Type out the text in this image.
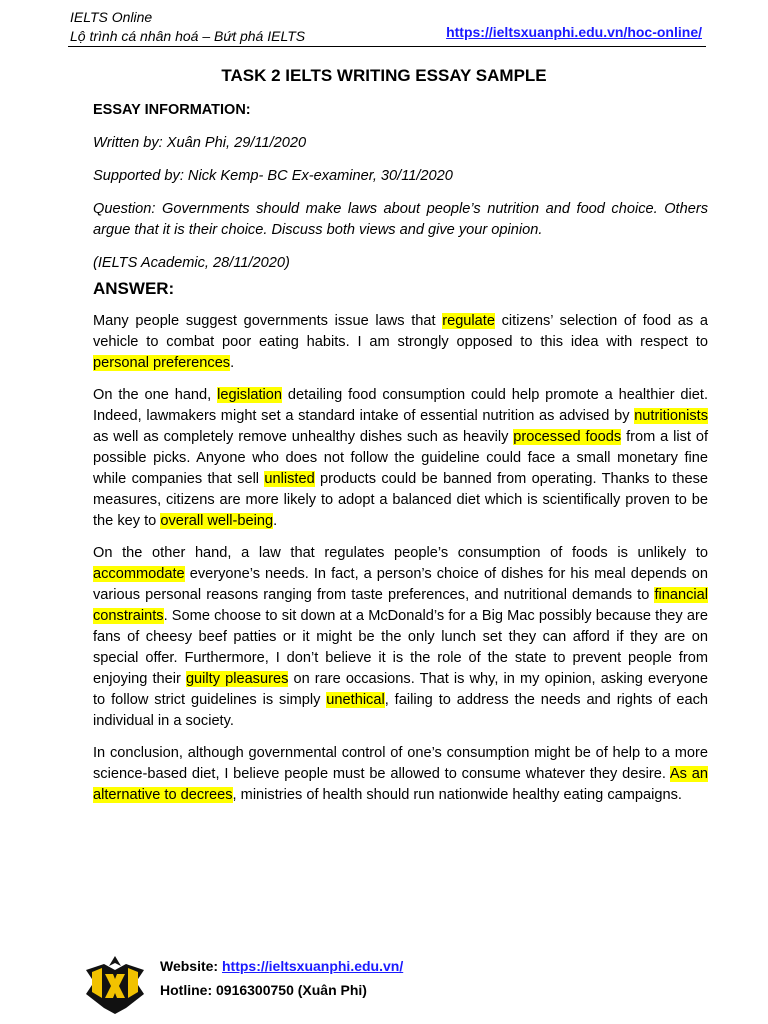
IELTS Online
Lộ trình cá nhân hoá – Bứt phá IELTS	https://ieltsxuanphi.edu.vn/hoc-online/
TASK 2 IELTS WRITING ESSAY SAMPLE
ESSAY INFORMATION:
Written by: Xuân Phi, 29/11/2020
Supported by: Nick Kemp- BC Ex-examiner, 30/11/2020
Question: Governments should make laws about people’s nutrition and food choice. Others argue that it is their choice. Discuss both views and give your opinion.
(IELTS Academic, 28/11/2020)
ANSWER:

Many people suggest governments issue laws that regulate citizens’ selection of food as a vehicle to combat poor eating habits. I am strongly opposed to this idea with respect to personal preferences.

On the one hand, legislation detailing food consumption could help promote a healthier diet. Indeed, lawmakers might set a standard intake of essential nutrition as advised by nutritionists as well as completely remove unhealthy dishes such as heavily processed foods from a list of possible picks. Anyone who does not follow the guideline could face a small monetary fine while companies that sell unlisted products could be banned from operating. Thanks to these measures, citizens are more likely to adopt a balanced diet which is scientifically proven to be the key to overall well-being.

On the other hand, a law that regulates people’s consumption of foods is unlikely to accommodate everyone’s needs. In fact, a person’s choice of dishes for his meal depends on various personal reasons ranging from taste preferences, and nutritional demands to financial constraints. Some choose to sit down at a McDonald’s for a Big Mac possibly because they are fans of cheesy beef patties or it might be the only lunch set they can afford if they are on special offer. Furthermore, I don’t believe it is the role of the state to prevent people from enjoying their guilty pleasures on rare occasions. That is why, in my opinion, asking everyone to follow strict guidelines is simply unethical, failing to address the needs and rights of each individual in a society.

In conclusion, although governmental control of one’s consumption might be of help to a more science-based diet, I believe people must be allowed to consume whatever they desire. As an alternative to decrees, ministries of health should run nationwide healthy eating campaigns.

Website: https://ieltsxuanphi.edu.vn/
Hotline: 0916300750 (Xuân Phi)
